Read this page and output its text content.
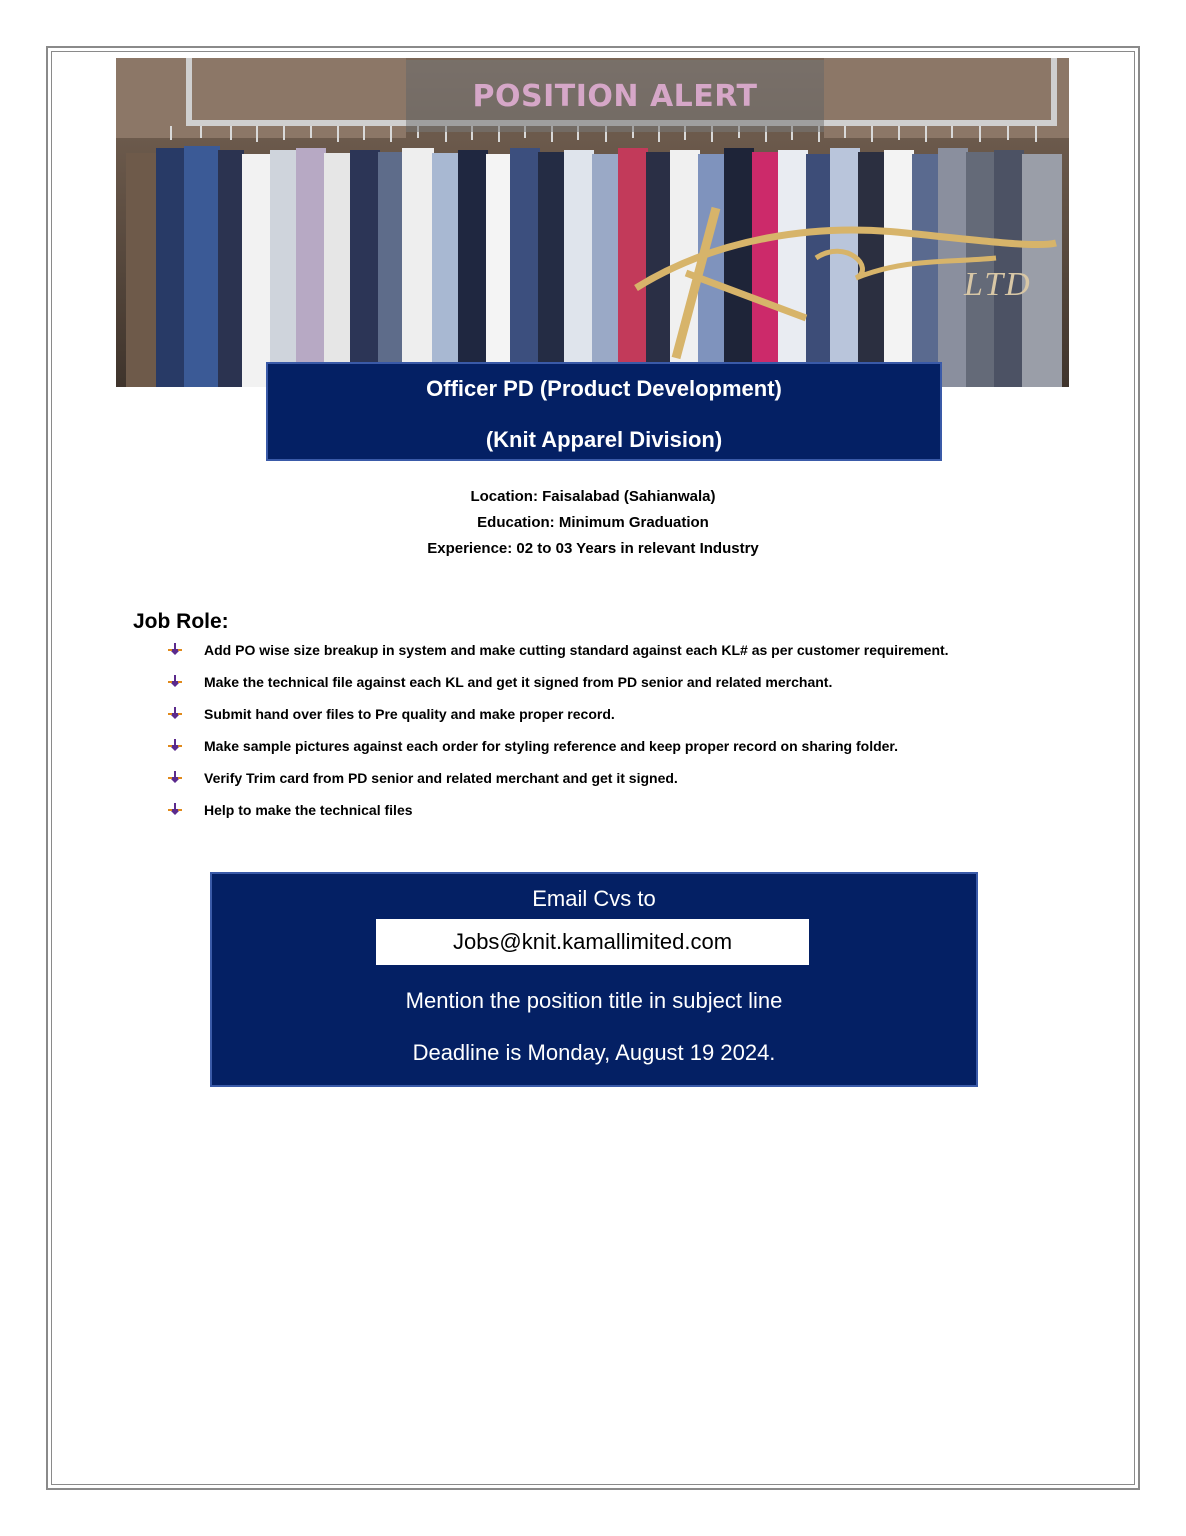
POSITION ALERT
LTD
Officer PD (Product Development)
(Knit Apparel Division)
Location: Faisalabad (Sahianwala)
Education: Minimum Graduation
Experience: 02 to 03 Years in relevant Industry
Job Role:
Add PO wise size breakup in system and make cutting standard against each KL# as per customer requirement.
Make the technical file against each KL and get it signed from PD senior and related merchant.
Submit hand over files to Pre quality and make proper record.
Make sample pictures against each order for styling reference and keep proper record on sharing folder.
Verify Trim card from PD senior and related merchant and get it signed.
Help to make the technical files
Email Cvs to
Jobs@knit.kamallimited.com
Mention the position title in subject line
Deadline is Monday, August 19 2024.
